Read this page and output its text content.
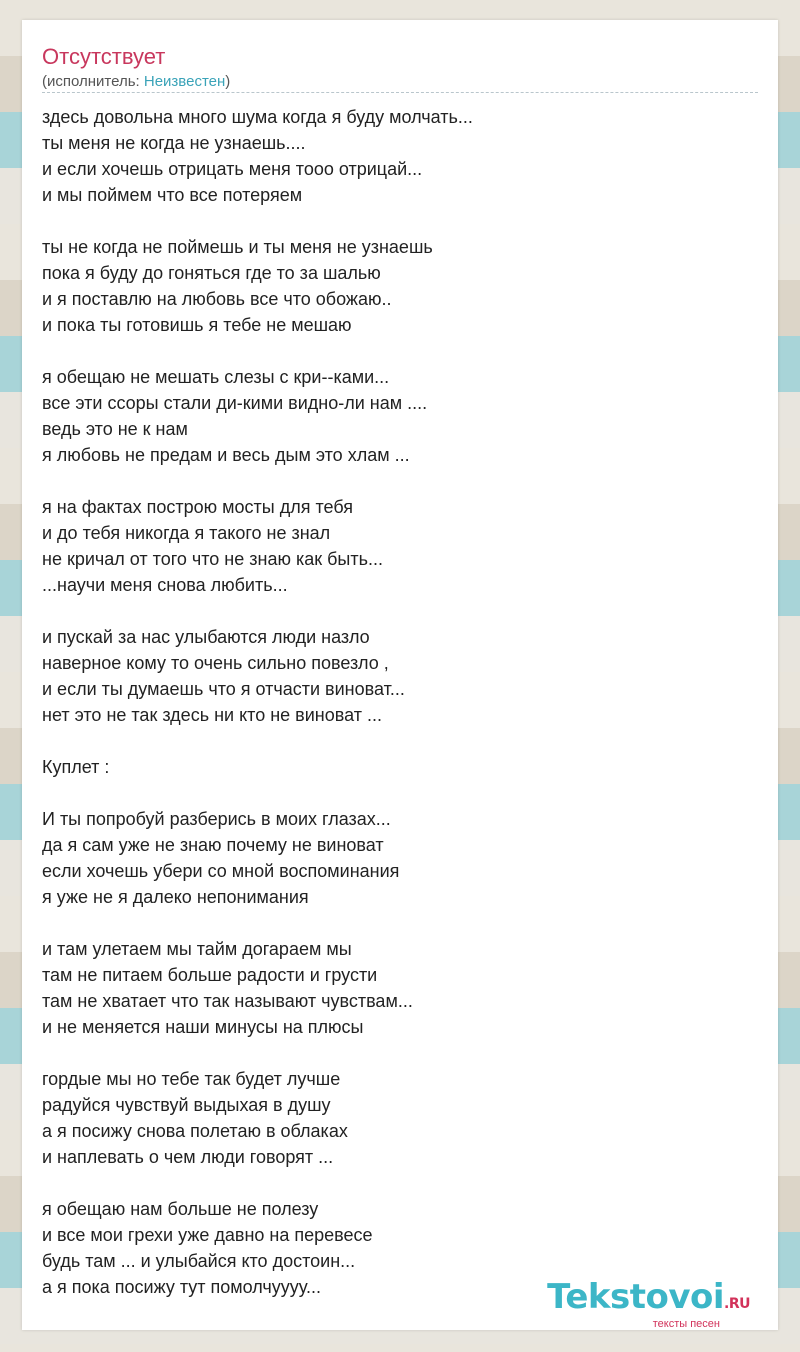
Отсутствует
(исполнитель: Неизвестен)
здесь довольна много шума когда я буду молчать...
ты меня не когда не узнаешь....
и если хочешь отрицать меня тооо отрицай...
и мы поймем что все потеряем
ты не когда не поймешь и ты меня не узнаешь
пока я буду до гоняться где то за шалью
и я поставлю на любовь все что обожаю..
и пока ты готовишь я тебе не мешаю
я обещаю не мешать слезы с кри--ками...
все эти ссоры стали ди-кими видно-ли нам ....
ведь это не к нам
я любовь не предам и весь дым это хлам ...
я на фактах построю мосты для тебя
и до тебя никогда я такого не знал
не кричал от того что не знаю как быть...
...научи меня снова любить...
и пускай за нас улыбаются люди назло
наверное кому то очень сильно повезло ,
и если ты думаешь что я отчасти виноват...
нет это не так здесь ни кто не виноват ...
Куплет :
И ты попробуй разберись в моих глазах...
да я сам уже не знаю почему не виноват
если хочешь убери со мной воспоминания
я уже не я далеко непонимания
и там улетаем мы тайм догараем мы
там не питаем больше радости и грусти
там не хватает что так называют чувствам...
и не меняется наши минусы на плюсы
гордые мы но тебе так будет лучше
радуйся чувствуй выдыхая в душу
а я посижу снова полетаю в облаках
и наплевать о чем люди говорят ...
я обещаю нам больше не полезу
и все мои грехи уже давно на перевесе
будь там ... и улыбайся кто достоин...
а я пока посижу тут помолчуууу...	Tekstovoi.RU
тексты песен
